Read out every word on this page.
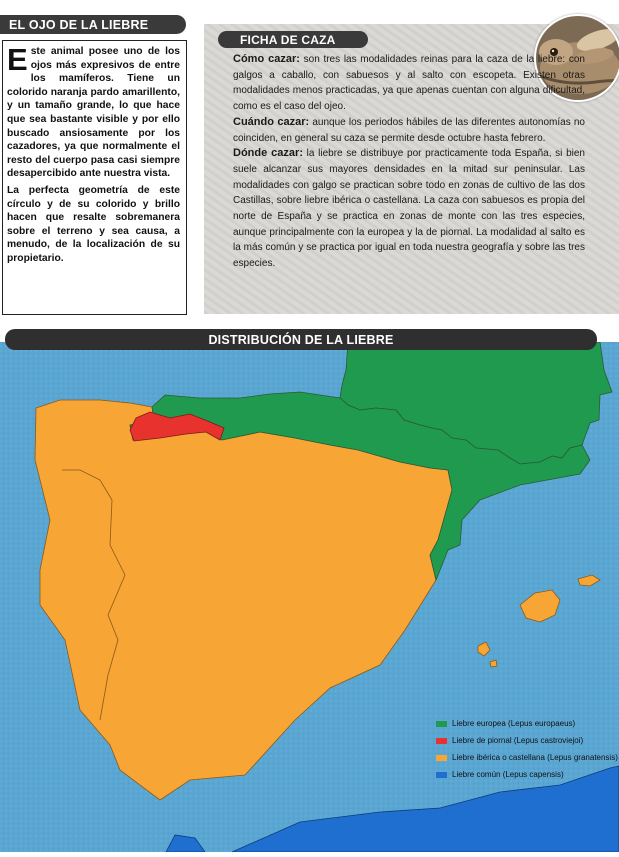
EL OJO DE LA LIEBRE

Este animal posee uno de los ojos más expresivos de entre los mamíferos. Tiene un colorido naranja pardo amarillento, y un tamaño grande, lo que hace que sea bastante visible y por ello buscado ansiosamente por los cazadores, ya que normalmente el resto del cuerpo pasa casi siempre desapercibido ante nuestra vista.

La perfecta geometría de este círculo y de su colorido y brillo hacen que resalte sobremanera sobre el terreno y sea causa, a menudo, de la localización de su propietario.

FICHA DE CAZA

Cómo cazar: son tres las modalidades reinas para la caza de la liebre: con galgos a caballo, con sabuesos y al salto con escopeta. Existen otras modalidades menos practicadas, ya que apenas cuentan con alguna dificultad, como es el caso del ojeo.

Cuándo cazar: aunque los periodos hábiles de las diferentes autonomías no coinciden, en general su caza se permite desde octubre hasta febrero.

Dónde cazar: la liebre se distribuye por practicamente toda España, si bien suele alcanzar sus mayores densidades en la mitad sur peninsular. Las modalidades con galgo se practican sobre todo en zonas de cultivo de las dos Castillas, sobre liebre ibérica o castellana. La caza con sabuesos es propia del norte de España y se practica en zonas de monte con las tres especies, aunque principalmente con la europea y la de piornal. La modalidad al salto es la más común y se practica por igual en toda nuestra geografía y sobre las tres especies.

DISTRIBUCIÓN DE LA LIEBRE
Liebre europea (Lepus europaeus)
Liebre de piornal (Lepus castroviejoi)
Liebre ibérica o castellana (Lepus granatensis)
Liebre común (Lepus capensis)
